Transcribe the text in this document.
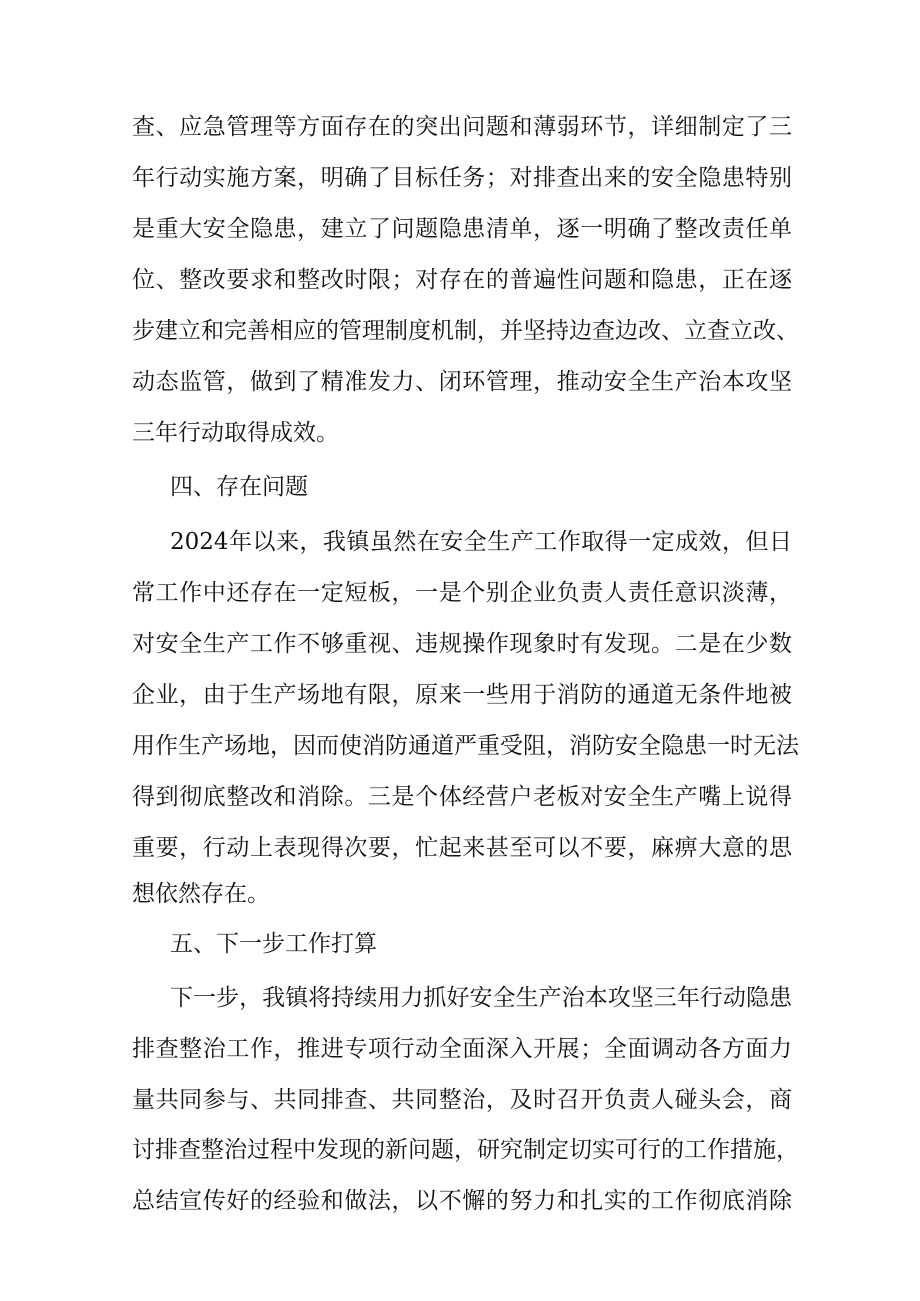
查、应急管理等方面存在的突出问题和薄弱环节，详细制定了三
年行动实施方案，明确了目标任务；对排查出来的安全隐患特别
是重大安全隐患，建立了问题隐患清单，逐一明确了整改责任单
位、整改要求和整改时限；对存在的普遍性问题和隐患，正在逐
步建立和完善相应的管理制度机制，并坚持边查边改、立查立改、
动态监管，做到了精准发力、闭环管理，推动安全生产治本攻坚
三年行动取得成效。
四、存在问题
2024年以来，我镇虽然在安全生产工作取得一定成效，但日
常工作中还存在一定短板，一是个别企业负责人责任意识淡薄，
对安全生产工作不够重视、违规操作现象时有发现。二是在少数
企业，由于生产场地有限，原来一些用于消防的通道无条件地被
用作生产场地，因而使消防通道严重受阻，消防安全隐患一时无法
得到彻底整改和消除。三是个体经营户老板对安全生产嘴上说得
重要，行动上表现得次要，忙起来甚至可以不要，麻痹大意的思
想依然存在。
五、下一步工作打算
下一步，我镇将持续用力抓好安全生产治本攻坚三年行动隐患
排查整治工作，推进专项行动全面深入开展；全面调动各方面力
量共同参与、共同排查、共同整治，及时召开负责人碰头会，商
讨排查整治过程中发现的新问题，研究制定切实可行的工作措施，
总结宣传好的经验和做法，以不懈的努力和扎实的工作彻底消除
